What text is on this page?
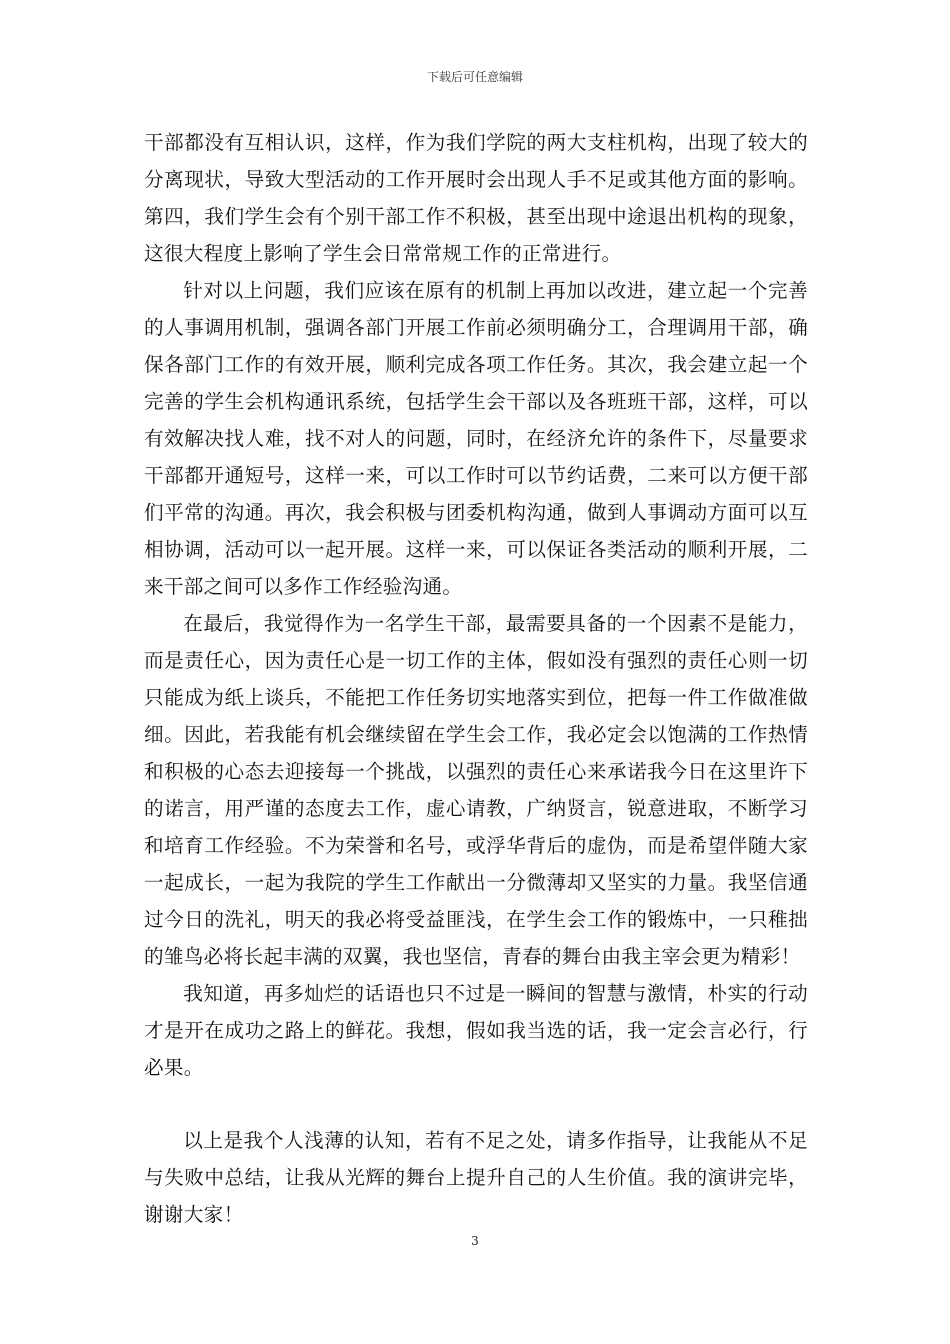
下载后可任意编辑

干部都没有互相认识，这样，作为我们学院的两大支柱机构，出现了较大的分离现状，导致大型活动的工作开展时会出现人手不足或其他方面的影响。第四，我们学生会有个别干部工作不积极，甚至出现中途退出机构的现象，这很大程度上影响了学生会日常常规工作的正常进行。

针对以上问题，我们应该在原有的机制上再加以改进，建立起一个完善的人事调用机制，强调各部门开展工作前必须明确分工，合理调用干部，确保各部门工作的有效开展，顺利完成各项工作任务。其次，我会建立起一个完善的学生会机构通讯系统，包括学生会干部以及各班班干部，这样，可以有效解决找人难，找不对人的问题，同时，在经济允许的条件下，尽量要求干部都开通短号，这样一来，可以工作时可以节约话费，二来可以方便干部们平常的沟通。再次，我会积极与团委机构沟通，做到人事调动方面可以互相协调，活动可以一起开展。这样一来，可以保证各类活动的顺利开展，二来干部之间可以多作工作经验沟通。

在最后，我觉得作为一名学生干部，最需要具备的一个因素不是能力，而是责任心，因为责任心是一切工作的主体，假如没有强烈的责任心则一切只能成为纸上谈兵，不能把工作任务切实地落实到位，把每一件工作做准做细。因此，若我能有机会继续留在学生会工作，我必定会以饱满的工作热情和积极的心态去迎接每一个挑战，以强烈的责任心来承诺我今日在这里许下的诺言，用严谨的态度去工作，虚心请教，广纳贤言，锐意进取，不断学习和培育工作经验。不为荣誉和名号，或浮华背后的虚伪，而是希望伴随大家一起成长，一起为我院的学生工作献出一分微薄却又坚实的力量。我坚信通过今日的洗礼，明天的我必将受益匪浅，在学生会工作的锻炼中，一只稚拙的雏鸟必将长起丰满的双翼，我也坚信，青春的舞台由我主宰会更为精彩！

我知道，再多灿烂的话语也只不过是一瞬间的智慧与激情，朴实的行动才是开在成功之路上的鲜花。我想，假如我当选的话，我一定会言必行，行必果。

以上是我个人浅薄的认知，若有不足之处，请多作指导，让我能从不足与失败中总结，让我从光辉的舞台上提升自己的人生价值。我的演讲完毕，谢谢大家！

3
